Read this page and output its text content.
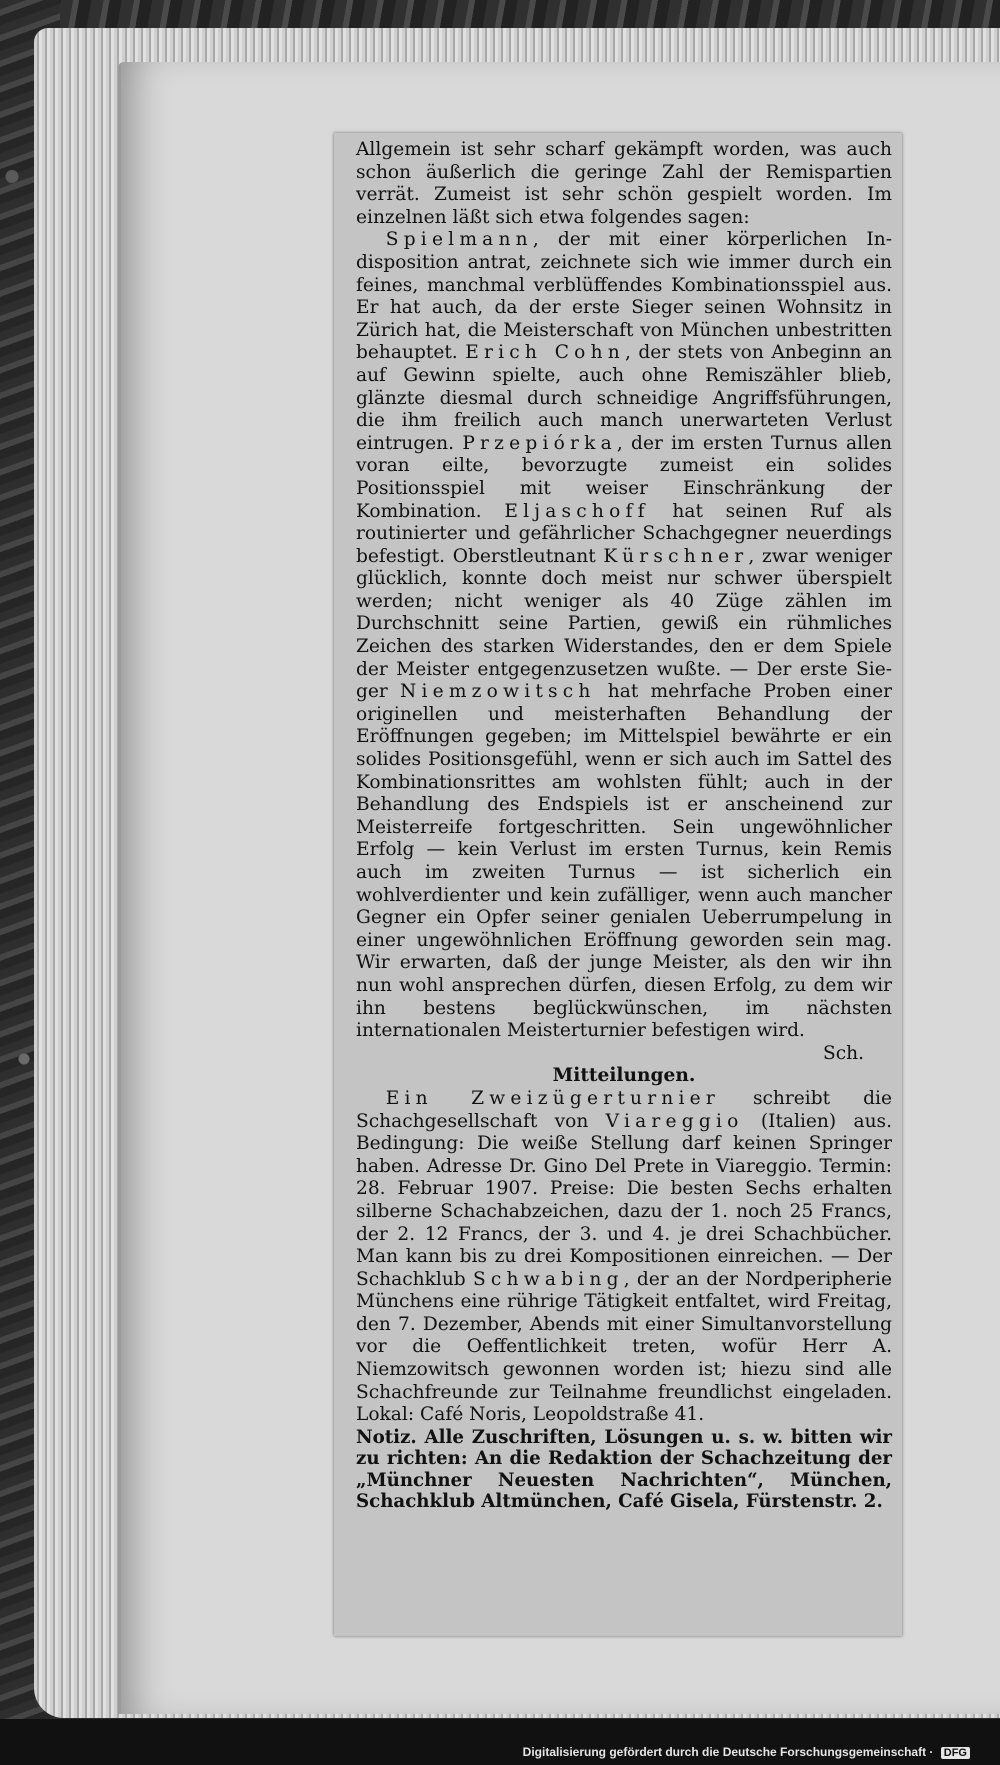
Allgemein ist sehr scharf gekämpft worden, was auch schon äußerlich die geringe Zahl der Remispartien verrät. Zumeist ist sehr schön gespielt worden. Im einzelnen läßt sich etwa folgendes sagen:

Spielmann, der mit einer körperlichen Indisposition antrat, zeichnete sich wie immer durch ein feines, manchmal verblüffendes Kombinationsspiel aus. Er hat auch, da der erste Sieger seinen Wohnsitz in Zürich hat, die Meisterschaft von München unbestritten behauptet. Erich Cohn, der stets von Anbeginn an auf Gewinn spielte, auch ohne Remiszähler blieb, glänzte diesmal durch schneidige Angriffsführungen, die ihm freilich auch manch unerwarteten Verlust eintrugen. Przepiórka, der im ersten Turnus allen voran eilte, bevorzugte zumeist ein solides Positionsspiel mit weiser Einschränkung der Kombination. Eljaschoff hat seinen Ruf als routinierter und gefährlicher Schachgegner neuerdings befestigt. Oberstleutnant Kürschner, zwar weniger glücklich, konnte doch meist nur schwer überspielt werden; nicht weniger als 40 Züge zählen im Durchschnitt seine Partien, gewiß ein rühmliches Zeichen des starken Widerstandes, den er dem Spiele der Meister entgegenzusetzen wußte. — Der erste Sieger Niemzowitsch hat mehrfache Proben einer originellen und meisterhaften Behandlung der Eröffnungen gegeben; im Mittelspiel bewährte er ein solides Positionsgefühl, wenn er sich auch im Sattel des Kombinationsrittes am wohlsten fühlt; auch in der Behandlung des Endspiels ist er anscheinend zur Meisterreife fortgeschritten. Sein ungewöhnlicher Erfolg — kein Verlust im ersten Turnus, kein Remis auch im zweiten Turnus — ist sicherlich ein wohlverdienter und kein zufälliger, wenn auch mancher Gegner ein Opfer seiner genialen Ueberrumpelung in einer ungewöhnlichen Eröffnung geworden sein mag. Wir erwarten, daß der junge Meister, als den wir ihn nun wohl ansprechen dürfen, diesen Erfolg, zu dem wir ihn bestens beglückwünschen, im nächsten internationalen Meisterturnier befestigen wird.

Sch.

Mitteilungen.

Ein Zweizügerturnier schreibt die Schachgesellschaft von Viareggio (Italien) aus. Bedingung: Die weiße Stellung darf keinen Springer haben. Adresse Dr. Gino Del Prete in Viareggio. Termin: 28. Februar 1907. Preise: Die besten Sechs erhalten silberne Schachabzeichen, dazu der 1. noch 25 Francs, der 2. 12 Francs, der 3. und 4. je drei Schachbücher. Man kann bis zu drei Kompositionen einreichen. — Der Schachklub Schwabing, der an der Nordperipherie Münchens eine rührige Tätigkeit entfaltet, wird Freitag, den 7. Dezember, Abends mit einer Simultanvorstellung vor die Oeffentlichkeit treten, wofür Herr A. Niemzowitsch gewonnen worden ist; hiezu sind alle Schachfreunde zur Teilnahme freundlichst eingeladen. Lokal: Café Noris, Leopoldstraße 41.

Notiz. Alle Zuschriften, Lösungen u. s. w. bitten wir zu richten: An die Redaktion der Schachzeitung der „Münchner Neuesten Nachrichten“, München, Schachklub Altmünchen, Café Gisela, Fürstenstr. 2.

Digitalisierung gefördert durch die Deutsche Forschungsgemeinschaft · DFG
